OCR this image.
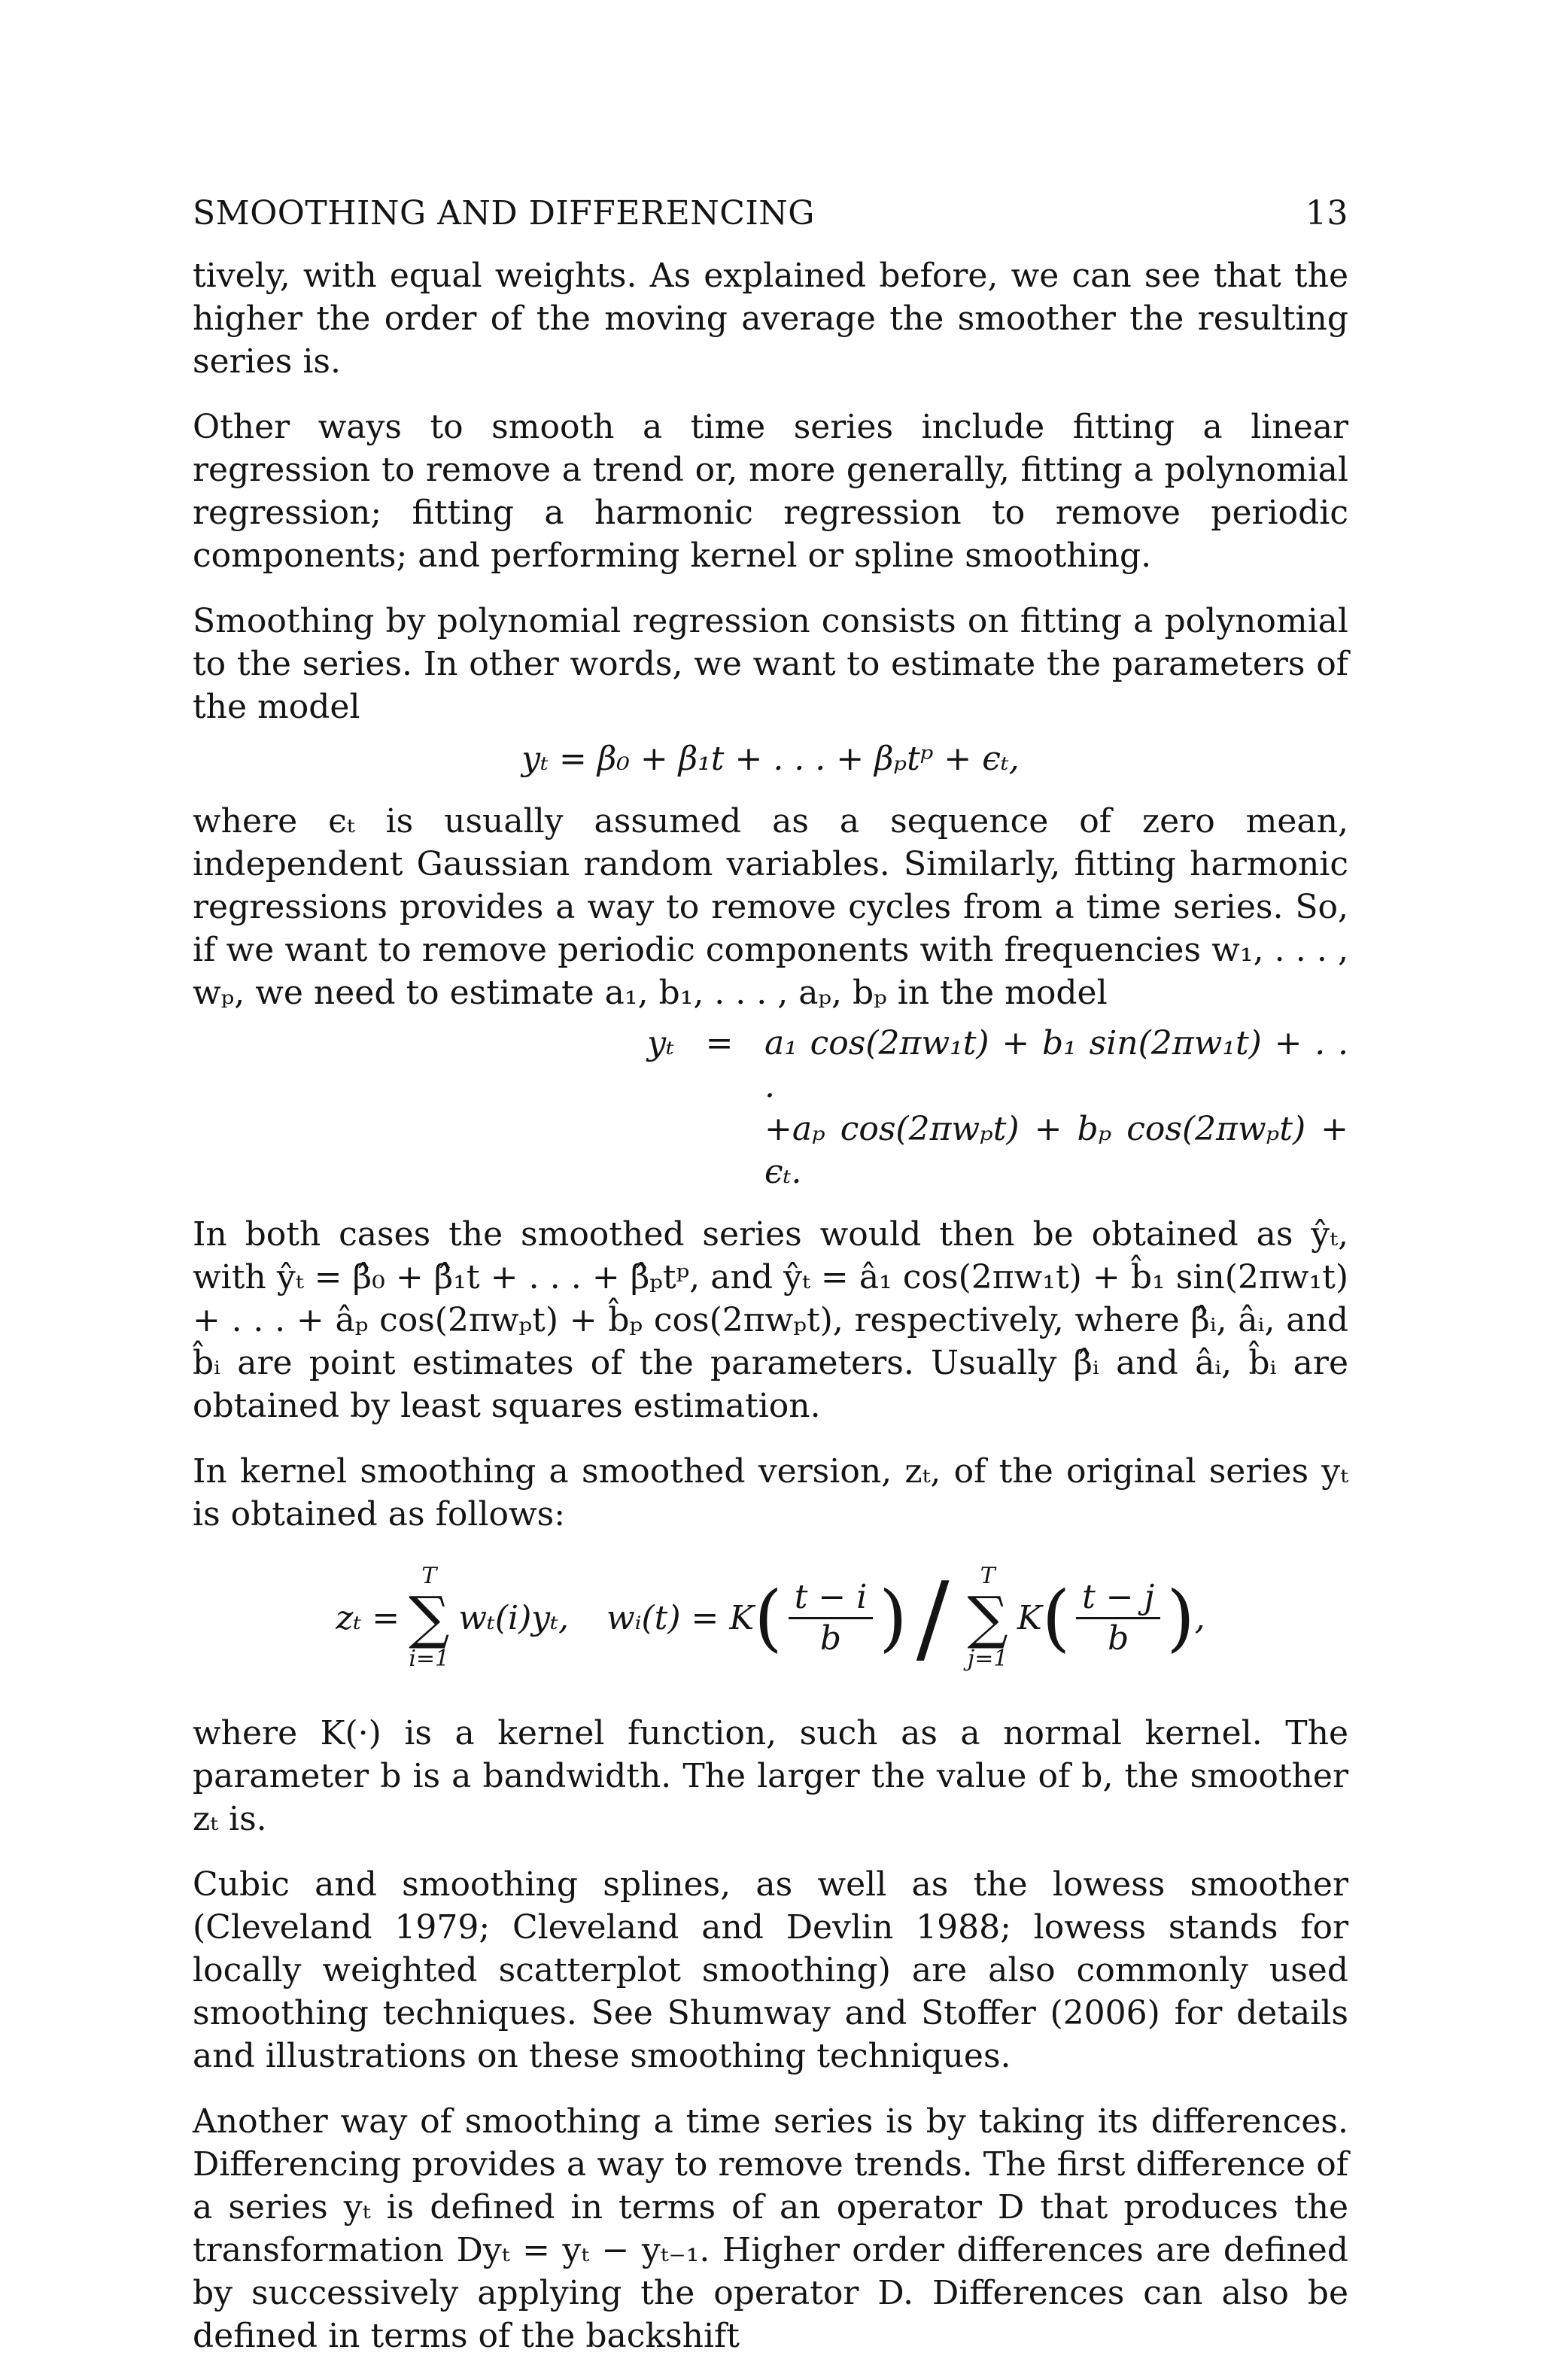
SMOOTHING AND DIFFERENCING	13

tively, with equal weights. As explained before, we can see that the higher the order of the moving average the smoother the resulting series is.

Other ways to smooth a time series include fitting a linear regression to remove a trend or, more generally, fitting a polynomial regression; fitting a harmonic regression to remove periodic components; and performing kernel or spline smoothing.

Smoothing by polynomial regression consists on fitting a polynomial to the series. In other words, we want to estimate the parameters of the model

yₜ = β₀ + β₁t + . . . + βₚtᵖ + ϵₜ,

where ϵₜ is usually assumed as a sequence of zero mean, independent Gaussian random variables. Similarly, fitting harmonic regressions provides a way to remove cycles from a time series. So, if we want to remove periodic components with frequencies w₁, . . . , wₚ, we need to estimate a₁, b₁, . . . , aₚ, bₚ in the model

yₜ = a₁ cos(2πw₁t) + b₁ sin(2πw₁t) + . . .
+aₚ cos(2πwₚt) + bₚ cos(2πwₚt) + ϵₜ.

In both cases the smoothed series would then be obtained as ŷₜ, with ŷₜ = β̂₀ + β̂₁t + . . . + β̂ₚtᵖ, and ŷₜ = â₁ cos(2πw₁t) + b̂₁ sin(2πw₁t) + . . . + âₚ cos(2πwₚt) + b̂ₚ cos(2πwₚt), respectively, where β̂ᵢ, âᵢ, and b̂ᵢ are point estimates of the parameters. Usually β̂ᵢ and âᵢ, b̂ᵢ are obtained by least squares estimation.

In kernel smoothing a smoothed version, zₜ, of the original series yₜ is obtained as follows:

zₜ =
T
∑
i=1
wₜ(i)yₜ, wᵢ(t) = K ( $\frac{t - i}{b}$ ) / T
∑
j=1
K ( $\frac{t - j}{b}$ ) ,

where K(·) is a kernel function, such as a normal kernel. The parameter b is a bandwidth. The larger the value of b, the smoother zₜ is.

Cubic and smoothing splines, as well as the lowess smoother (Cleveland 1979; Cleveland and Devlin 1988; lowess stands for locally weighted scatterplot smoothing) are also commonly used smoothing techniques. See Shumway and Stoffer (2006) for details and illustrations on these smoothing techniques.

Another way of smoothing a time series is by taking its differences. Differencing provides a way to remove trends. The first difference of a series yₜ is defined in terms of an operator D that produces the transformation Dyₜ = yₜ − yₜ₋₁. Higher order differences are defined by successively applying the operator D. Differences can also be defined in terms of the backshift
